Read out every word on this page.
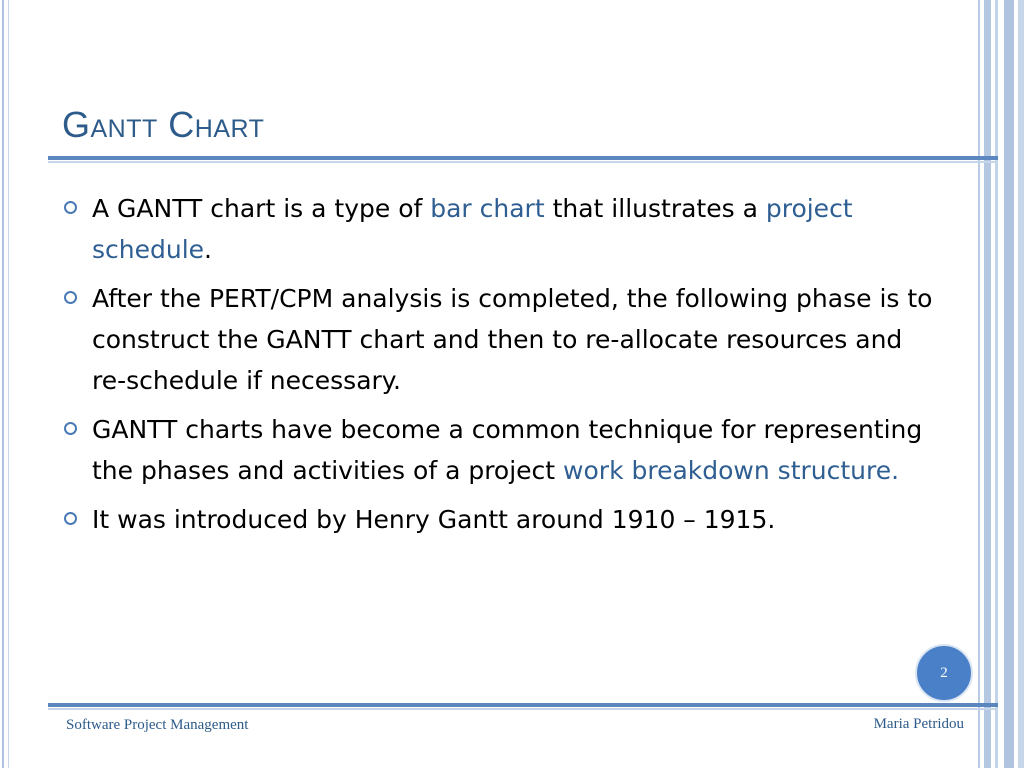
Gantt Chart
A GANTT chart is a type of bar chart that illustrates a project schedule.
After the PERT/CPM analysis is completed, the following phase is to construct the GANTT chart and then to re-allocate resources and re-schedule if necessary.
GANTT charts have become a common technique for representing the phases and activities of a project work breakdown structure.
It was introduced by Henry Gantt around 1910 – 1915.
2
Software Project Management	Maria Petridou
